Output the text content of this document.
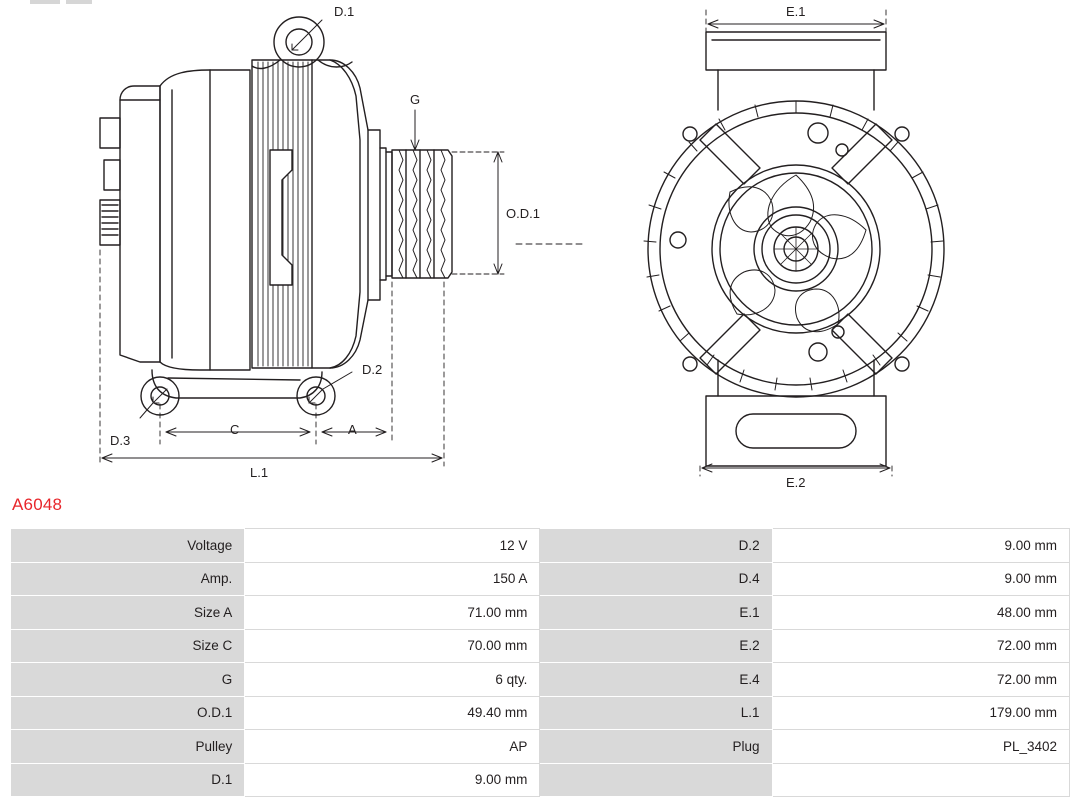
D.1
G
O.D.1
D.2
D.3
C	A
L.1
E.1
E.2
A6048
Voltage	12 V	D.2	9.00 mm
Amp.	150 A	D.4	9.00 mm
Size A	71.00 mm	E.1	48.00 mm
Size C	70.00 mm	E.2	72.00 mm
G	6 qty.	E.4	72.00 mm
O.D.1	49.40 mm	L.1	179.00 mm
Pulley	AP	Plug	PL_3402
D.1	9.00 mm		
